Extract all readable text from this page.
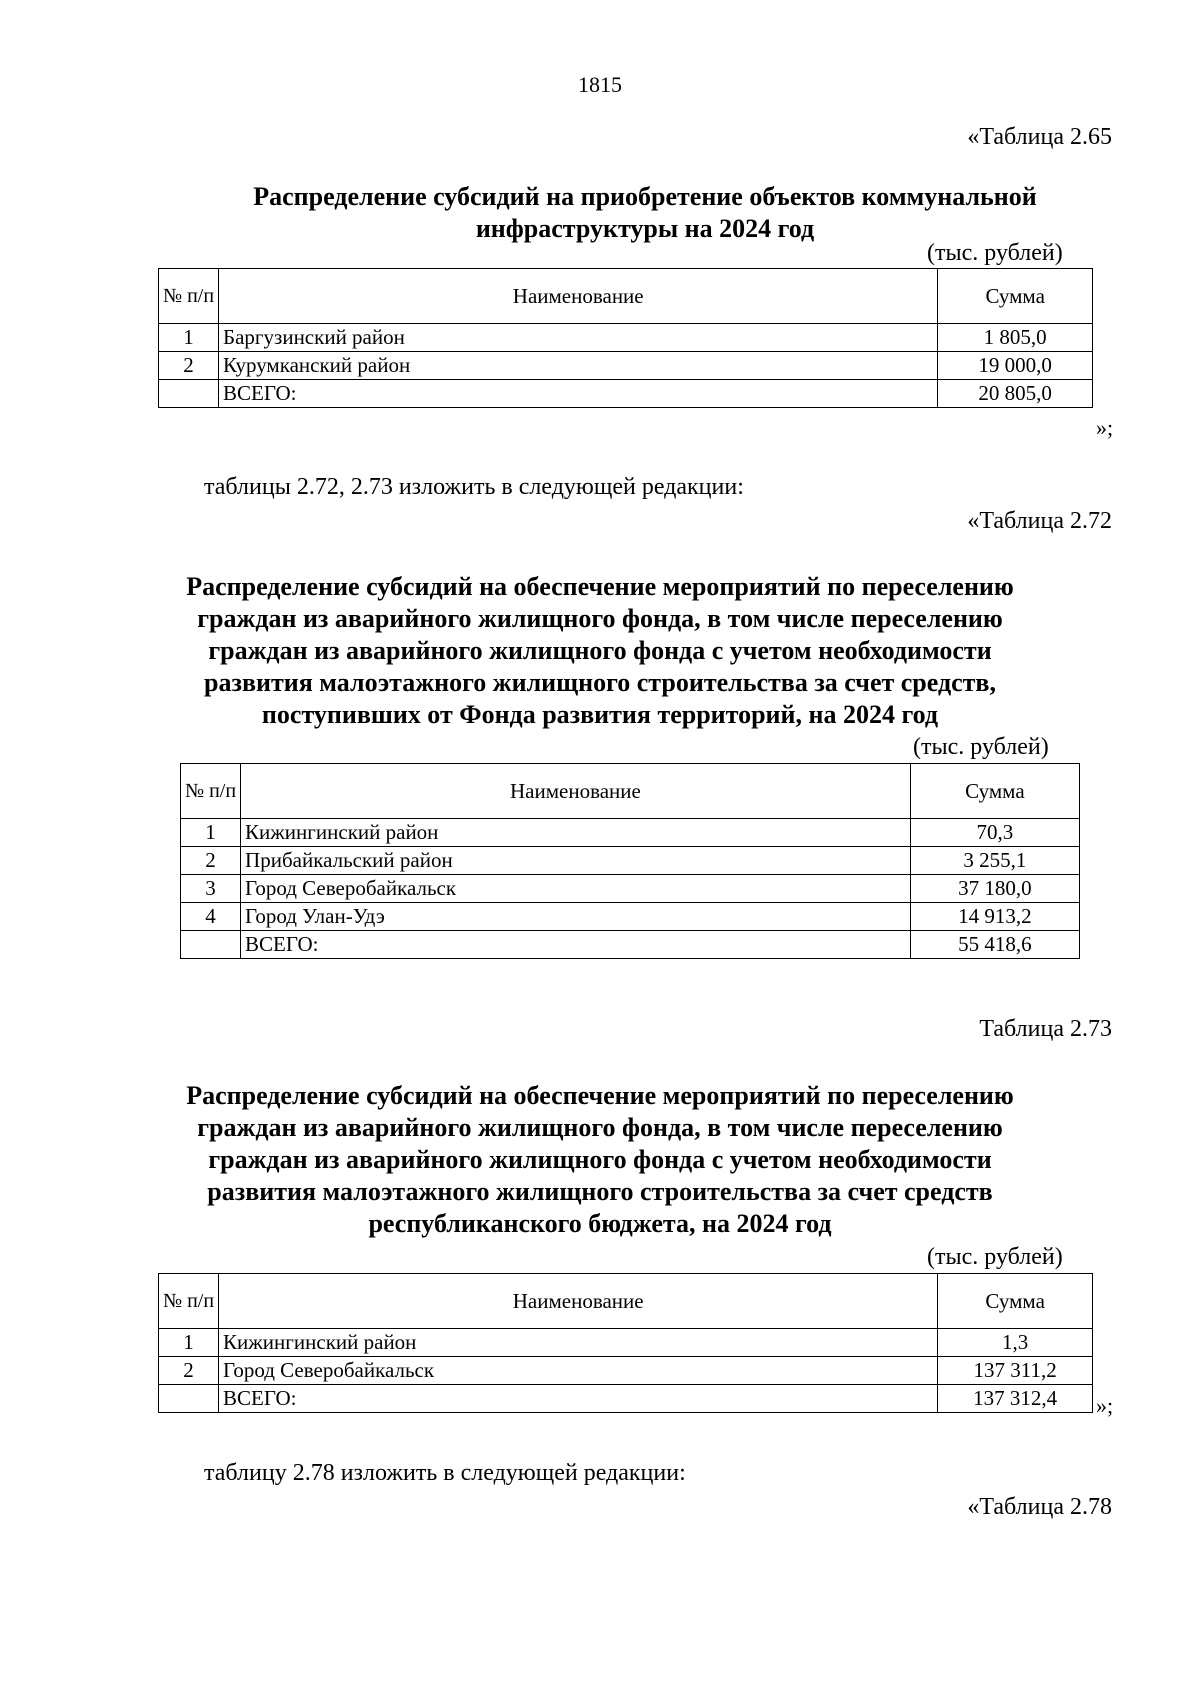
1815
«Таблица 2.65
Распределение субсидий на приобретение объектов коммунальной
инфраструктуры на 2024 год
(тыс. рублей)
№ п/п	Наименование	Сумма
1	Баргузинский район	1 805,0
2	Курумканский район	19 000,0
	ВСЕГО:	20 805,0
»;
таблицы 2.72, 2.73 изложить в следующей редакции:
«Таблица 2.72
Распределение субсидий на обеспечение мероприятий по переселению
граждан из аварийного жилищного фонда, в том числе переселению
граждан из аварийного жилищного фонда с учетом необходимости
развития малоэтажного жилищного строительства за счет средств,
поступивших от Фонда развития территорий, на 2024 год
(тыс. рублей)
№ п/п	Наименование	Сумма
1	Кижингинский район	70,3
2	Прибайкальский район	3 255,1
3	Город Северобайкальск	37 180,0
4	Город Улан-Удэ	14 913,2
	ВСЕГО:	55 418,6
Таблица 2.73
Распределение субсидий на обеспечение мероприятий по переселению
граждан из аварийного жилищного фонда, в том числе переселению
граждан из аварийного жилищного фонда с учетом необходимости
развития малоэтажного жилищного строительства за счет средств
республиканского бюджета, на 2024 год
(тыс. рублей)
№ п/п	Наименование	Сумма
1	Кижингинский район	1,3
2	Город Северобайкальск	137 311,2
	ВСЕГО:	137 312,4 »;
таблицу 2.78 изложить в следующей редакции:
«Таблица 2.78
